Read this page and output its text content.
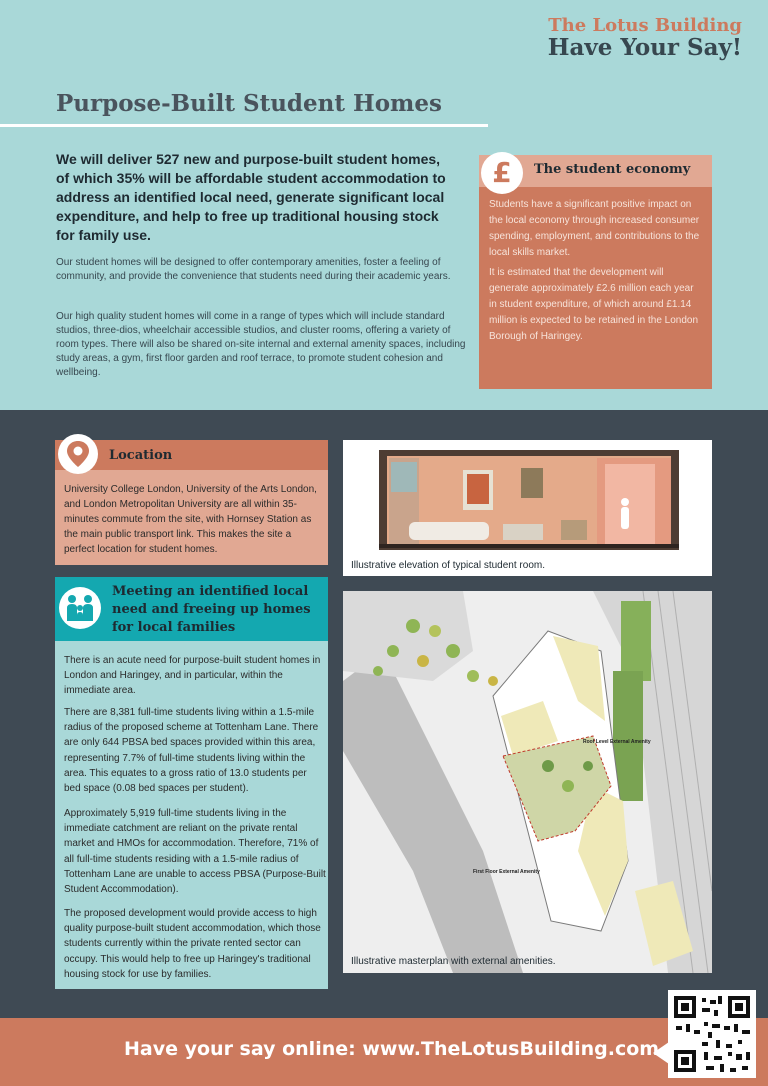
The Lotus Building
Have Your Say!
Purpose-Built Student Homes
We will deliver 527 new and purpose-built student homes, of which 35% will be affordable student accommodation to address an identified local need, generate significant local expenditure, and help to free up traditional housing stock for family use.

Our student homes will be designed to offer contemporary amenities, foster a feeling of community, and provide the convenience that students need during their academic years.

Our high quality student homes will come in a range of types which will include standard studios, three-dios, wheelchair accessible studios, and cluster rooms, offering a variety of room types. There will also be shared on-site internal and external amenity spaces, including study areas, a gym, first floor garden and roof terrace, to promote student cohesion and wellbeing.

£	The student economy

Students have a significant positive impact on the local economy through increased consumer spending, employment, and contributions to the local skills market.

It is estimated that the development will generate approximately £2.6 million each year in student expenditure, of which around £1.14 million is expected to be retained in the London Borough of Haringey.

Location

University College London, University of the Arts London, and London Metropolitan University are all within 35-minutes commute from the site, with Hornsey Station as the main public transport link. This makes the site a perfect location for student homes.

Meeting an identified local need and freeing up homes for local families

There is an acute need for purpose-built student homes in London and Haringey, and in particular, within the immediate area.

There are 8,381 full-time students living within a 1.5-mile radius of the proposed scheme at Tottenham Lane. There are only 644 PBSA bed spaces provided within this area, representing 7.7% of full-time students living within the area. This equates to a gross ratio of 13.0 students per bed space (0.08 bed spaces per student).

Approximately 5,919 full-time students living in the immediate catchment are reliant on the private rental market and HMOs for accommodation. Therefore, 71% of all full-time students residing with a 1.5-mile radius of Tottenham Lane are unable to access PBSA (Purpose-Built Student Accommodation).

The proposed development would provide access to high quality purpose-built student accommodation, which those students currently within the private rented sector can occupy. This would help to free up Haringey's traditional housing stock for use by families.

Illustrative elevation of typical student room.
Roof Level External Amenity
First Floor External Amenity
Illustrative masterplan with external amenities.
Have your say online: www.TheLotusBuilding.com
